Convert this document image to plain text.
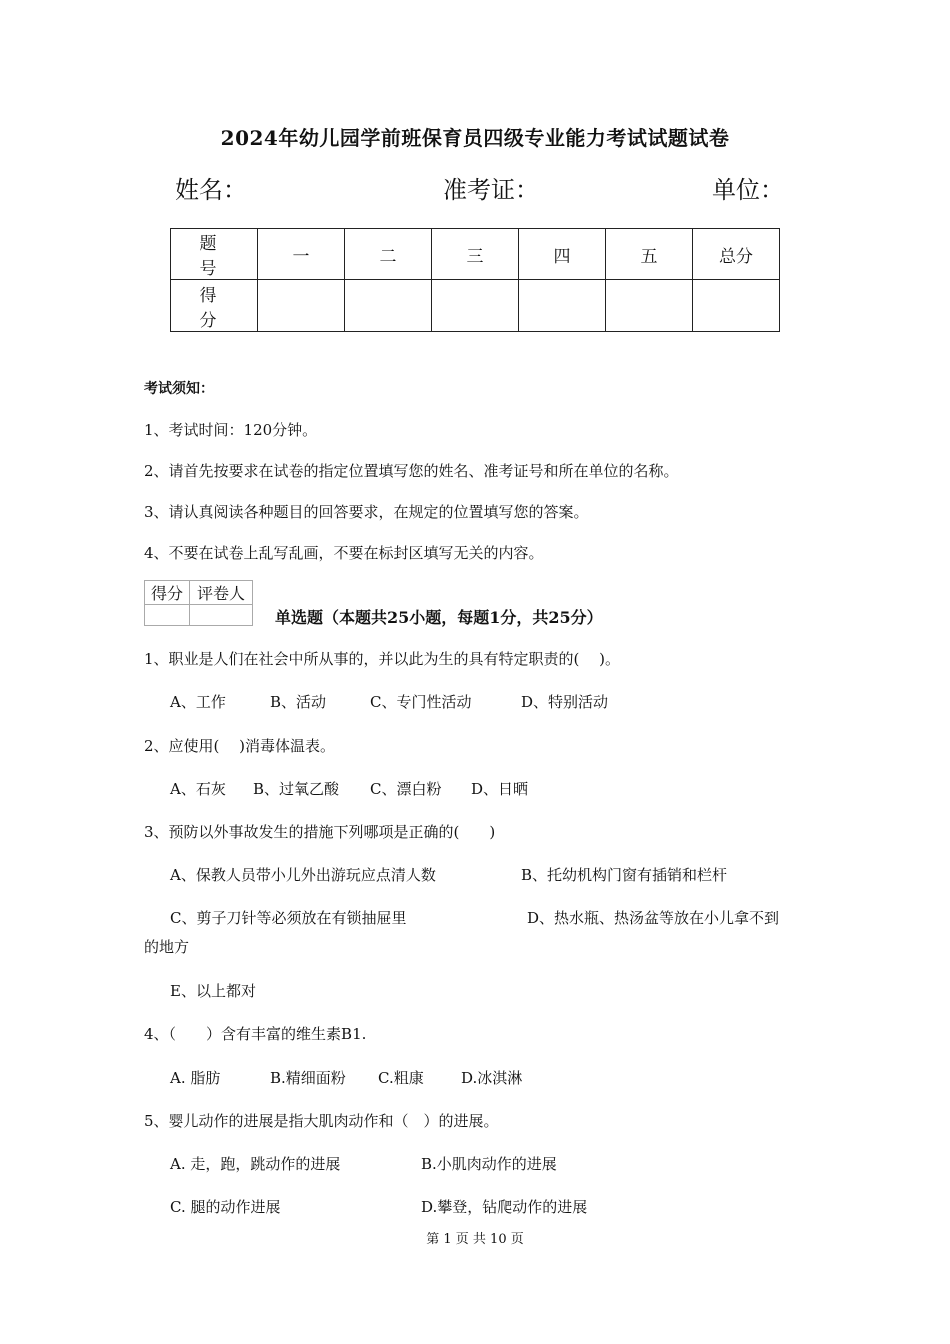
2024年幼儿园学前班保育员四级专业能力考试试题试卷
姓名：	准考证：	单位：
题　号	一	二	三	四	五	总分
得　分						
考试须知：
1、考试时间：120分钟。
2、请首先按要求在试卷的指定位置填写您的姓名、准考证号和所在单位的名称。
3、请认真阅读各种题目的回答要求，在规定的位置填写您的答案。
4、不要在试卷上乱写乱画，不要在标封区填写无关的内容。
得分	评卷人

单选题（本题共25小题，每题1分，共25分）
1、职业是人们在社会中所从事的，并以此为生的具有特定职责的(　 )。
A、工作	B、活动	C、专门性活动	D、特别活动
2、应使用(　 )消毒体温表。
A、石灰 B、过氧乙酸 C、漂白粉 D、日晒
3、预防以外事故发生的措施下列哪项是正确的(　　)
A、保教人员带小儿外出游玩应点清人数	B、托幼机构门窗有插销和栏杆
C、剪子刀针等必须放在有锁抽屉里	D、热水瓶、热汤盆等放在小儿拿不到
的地方
E、以上都对
4、（　　）含有丰富的维生素B1.
A. 脂肪	B.精细面粉 C.粗康 D.冰淇淋
5、婴儿动作的进展是指大肌肉动作和（　）的进展。
A. 走，跑，跳动作的进展	B.小肌肉动作的进展
C. 腿的动作进展	D.攀登，钻爬动作的进展
第 1 页 共 10 页
